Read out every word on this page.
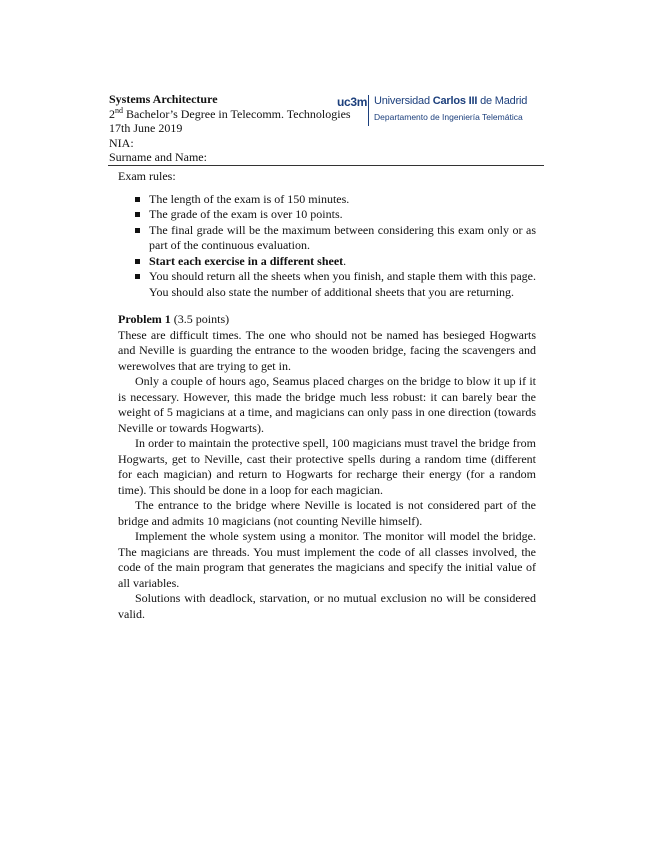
Systems Architecture
2nd Bachelor’s Degree in Telecomm. Technologies
17th June 2019
NIA:
Surname and Name:
uc3m Universidad Carlos III de Madrid
Departamento de Ingeniería Telemática
Exam rules:
The length of the exam is of 150 minutes.
The grade of the exam is over 10 points.
The final grade will be the maximum between considering this exam only or as part of the continuous evaluation.
Start each exercise in a different sheet.
You should return all the sheets when you finish, and staple them with this page. You should also state the number of additional sheets that you are returning.
Problem 1 (3.5 points)

These are difficult times. The one who should not be named has besieged Hogwarts and Neville is guarding the entrance to the wooden bridge, facing the scavengers and werewolves that are trying to get in.

Only a couple of hours ago, Seamus placed charges on the bridge to blow it up if it is necessary. However, this made the bridge much less robust: it can barely bear the weight of 5 magicians at a time, and magicians can only pass in one direction (towards Neville or towards Hogwarts).

In order to maintain the protective spell, 100 magicians must travel the bridge from Hogwarts, get to Neville, cast their protective spells during a random time (different for each magician) and return to Hogwarts for recharge their energy (for a random time). This should be done in a loop for each magician.

The entrance to the bridge where Neville is located is not considered part of the bridge and admits 10 magicians (not counting Neville himself).

Implement the whole system using a monitor. The monitor will model the bridge. The magicians are threads. You must implement the code of all classes involved, the code of the main program that generates the magicians and specify the initial value of all variables.

Solutions with deadlock, starvation, or no mutual exclusion no will be considered valid.
